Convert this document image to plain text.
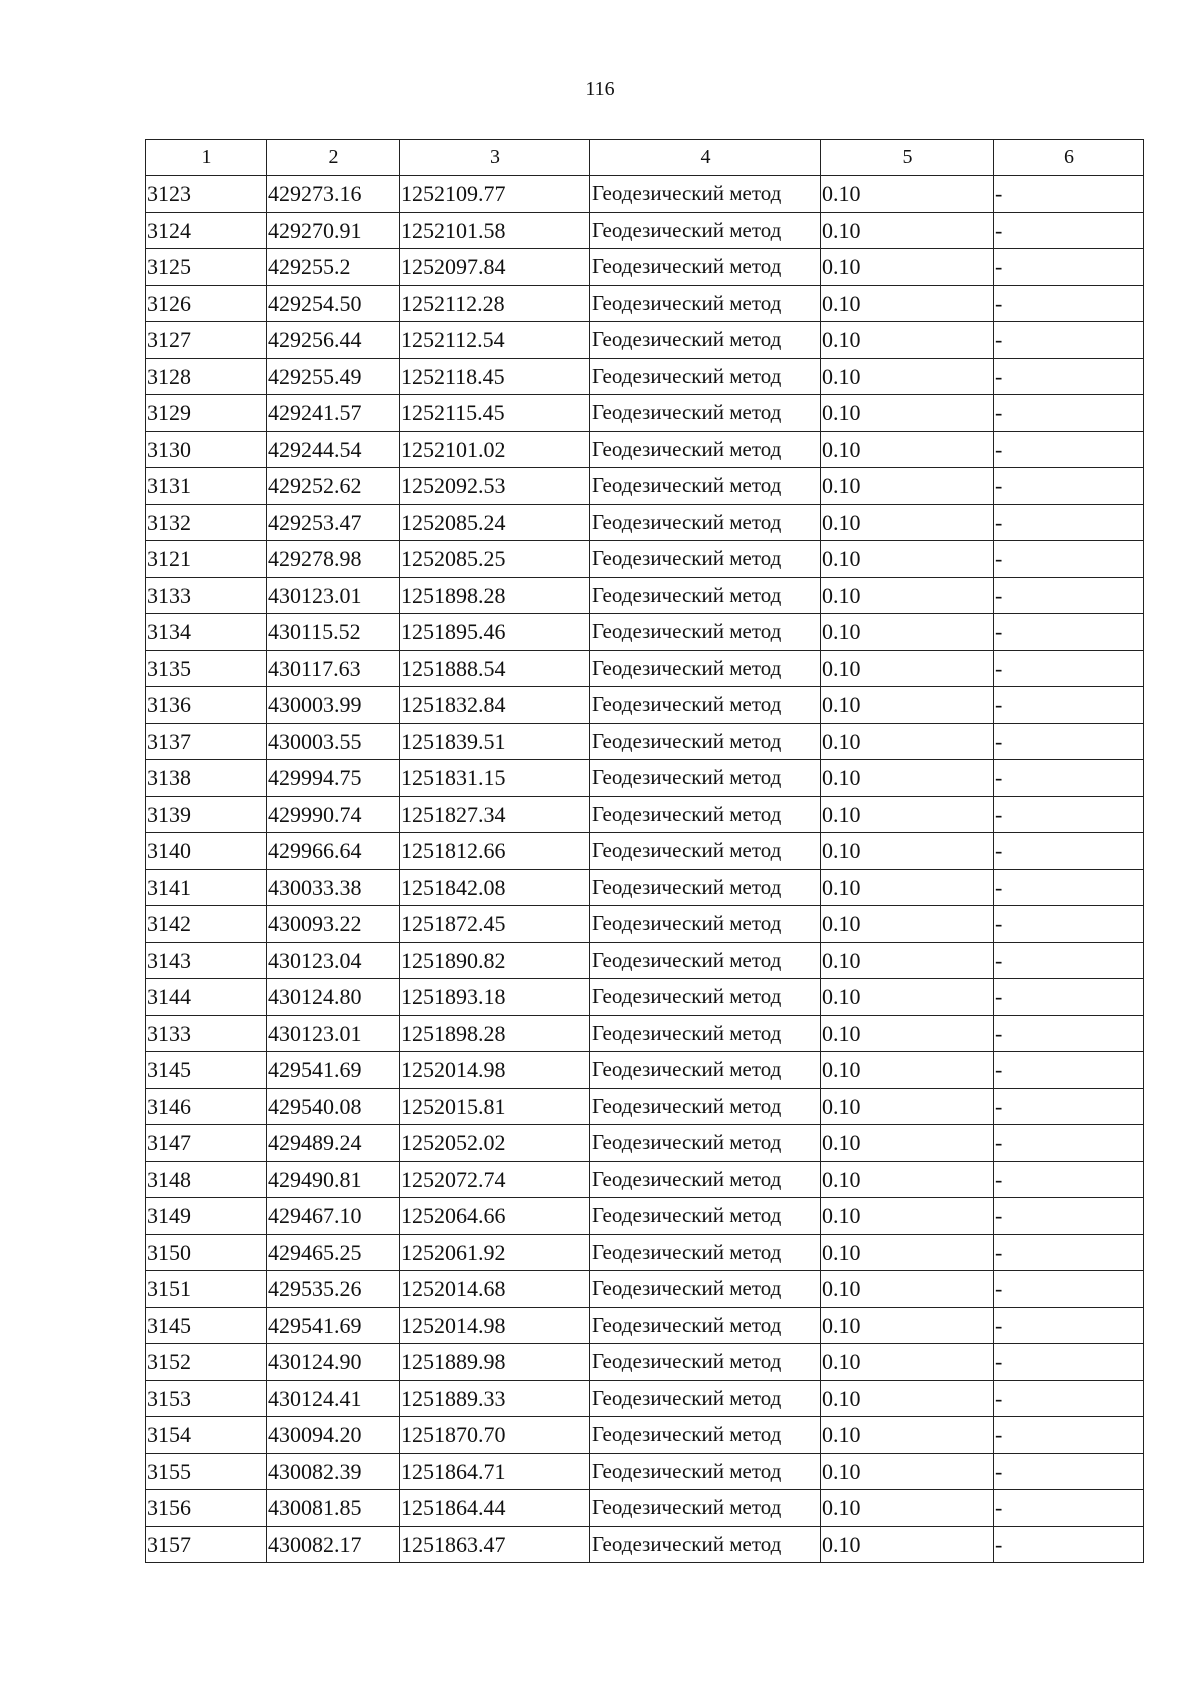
116
1	2	3	4	5	6
3123	429273.16	1252109.77	Геодезический метод	0.10	-
3124	429270.91	1252101.58	Геодезический метод	0.10	-
3125	429255.2	1252097.84	Геодезический метод	0.10	-
3126	429254.50	1252112.28	Геодезический метод	0.10	-
3127	429256.44	1252112.54	Геодезический метод	0.10	-
3128	429255.49	1252118.45	Геодезический метод	0.10	-
3129	429241.57	1252115.45	Геодезический метод	0.10	-
3130	429244.54	1252101.02	Геодезический метод	0.10	-
3131	429252.62	1252092.53	Геодезический метод	0.10	-
3132	429253.47	1252085.24	Геодезический метод	0.10	-
3121	429278.98	1252085.25	Геодезический метод	0.10	-
3133	430123.01	1251898.28	Геодезический метод	0.10	-
3134	430115.52	1251895.46	Геодезический метод	0.10	-
3135	430117.63	1251888.54	Геодезический метод	0.10	-
3136	430003.99	1251832.84	Геодезический метод	0.10	-
3137	430003.55	1251839.51	Геодезический метод	0.10	-
3138	429994.75	1251831.15	Геодезический метод	0.10	-
3139	429990.74	1251827.34	Геодезический метод	0.10	-
3140	429966.64	1251812.66	Геодезический метод	0.10	-
3141	430033.38	1251842.08	Геодезический метод	0.10	-
3142	430093.22	1251872.45	Геодезический метод	0.10	-
3143	430123.04	1251890.82	Геодезический метод	0.10	-
3144	430124.80	1251893.18	Геодезический метод	0.10	-
3133	430123.01	1251898.28	Геодезический метод	0.10	-
3145	429541.69	1252014.98	Геодезический метод	0.10	-
3146	429540.08	1252015.81	Геодезический метод	0.10	-
3147	429489.24	1252052.02	Геодезический метод	0.10	-
3148	429490.81	1252072.74	Геодезический метод	0.10	-
3149	429467.10	1252064.66	Геодезический метод	0.10	-
3150	429465.25	1252061.92	Геодезический метод	0.10	-
3151	429535.26	1252014.68	Геодезический метод	0.10	-
3145	429541.69	1252014.98	Геодезический метод	0.10	-
3152	430124.90	1251889.98	Геодезический метод	0.10	-
3153	430124.41	1251889.33	Геодезический метод	0.10	-
3154	430094.20	1251870.70	Геодезический метод	0.10	-
3155	430082.39	1251864.71	Геодезический метод	0.10	-
3156	430081.85	1251864.44	Геодезический метод	0.10	-
3157	430082.17	1251863.47	Геодезический метод	0.10	-
